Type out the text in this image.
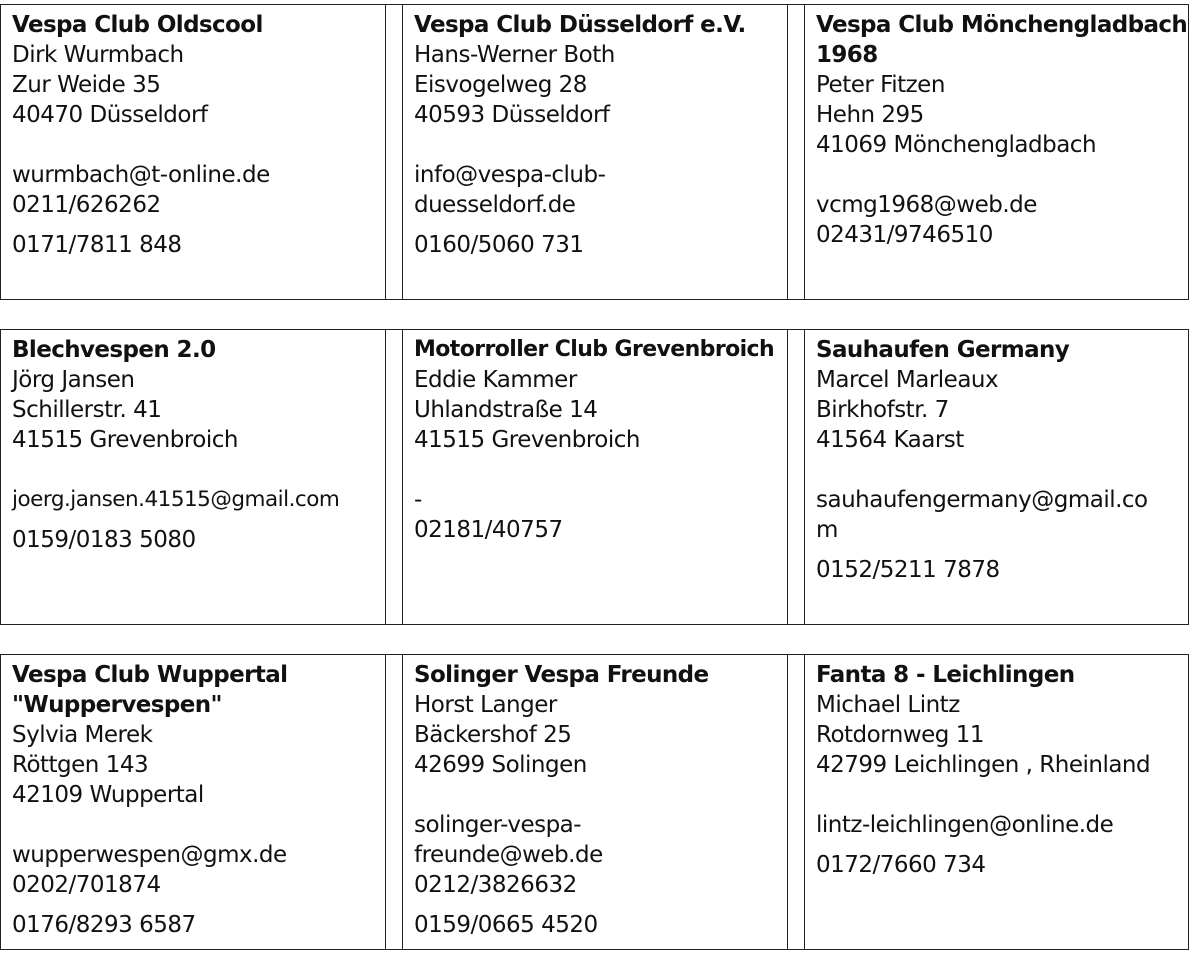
Vespa Club Oldscool
Dirk Wurmbach
Zur Weide 35
40470 Düsseldorf
wurmbach@t-online.de
0211/626262
0171/7811 848
Vespa Club Düsseldorf e.V.
Hans-Werner Both
Eisvogelweg 28
40593 Düsseldorf
info@vespa-club-
duesseldorf.de
0160/5060 731
Vespa Club Mönchengladbach
1968
Peter Fitzen
Hehn 295
41069 Mönchengladbach
vcmg1968@web.de
02431/9746510
Blechvespen 2.0
Jörg Jansen
Schillerstr. 41
41515 Grevenbroich
joerg.jansen.41515@gmail.com
0159/0183 5080
Motorroller Club Grevenbroich
Eddie Kammer
Uhlandstraße 14
41515 Grevenbroich
-
02181/40757
Sauhaufen Germany
Marcel Marleaux
Birkhofstr. 7
41564 Kaarst
sauhaufengermany@gmail.co
m
0152/5211 7878
Vespa Club Wuppertal
"Wuppervespen"
Sylvia Merek
Röttgen 143
42109 Wuppertal
wupperwespen@gmx.de
0202/701874
0176/8293 6587
Solinger Vespa Freunde
Horst Langer
Bäckershof 25
42699 Solingen
solinger-vespa-
freunde@web.de
0212/3826632
0159/0665 4520
Fanta 8 - Leichlingen
Michael Lintz
Rotdornweg 11
42799 Leichlingen , Rheinland
lintz-leichlingen@online.de
0172/7660 734
